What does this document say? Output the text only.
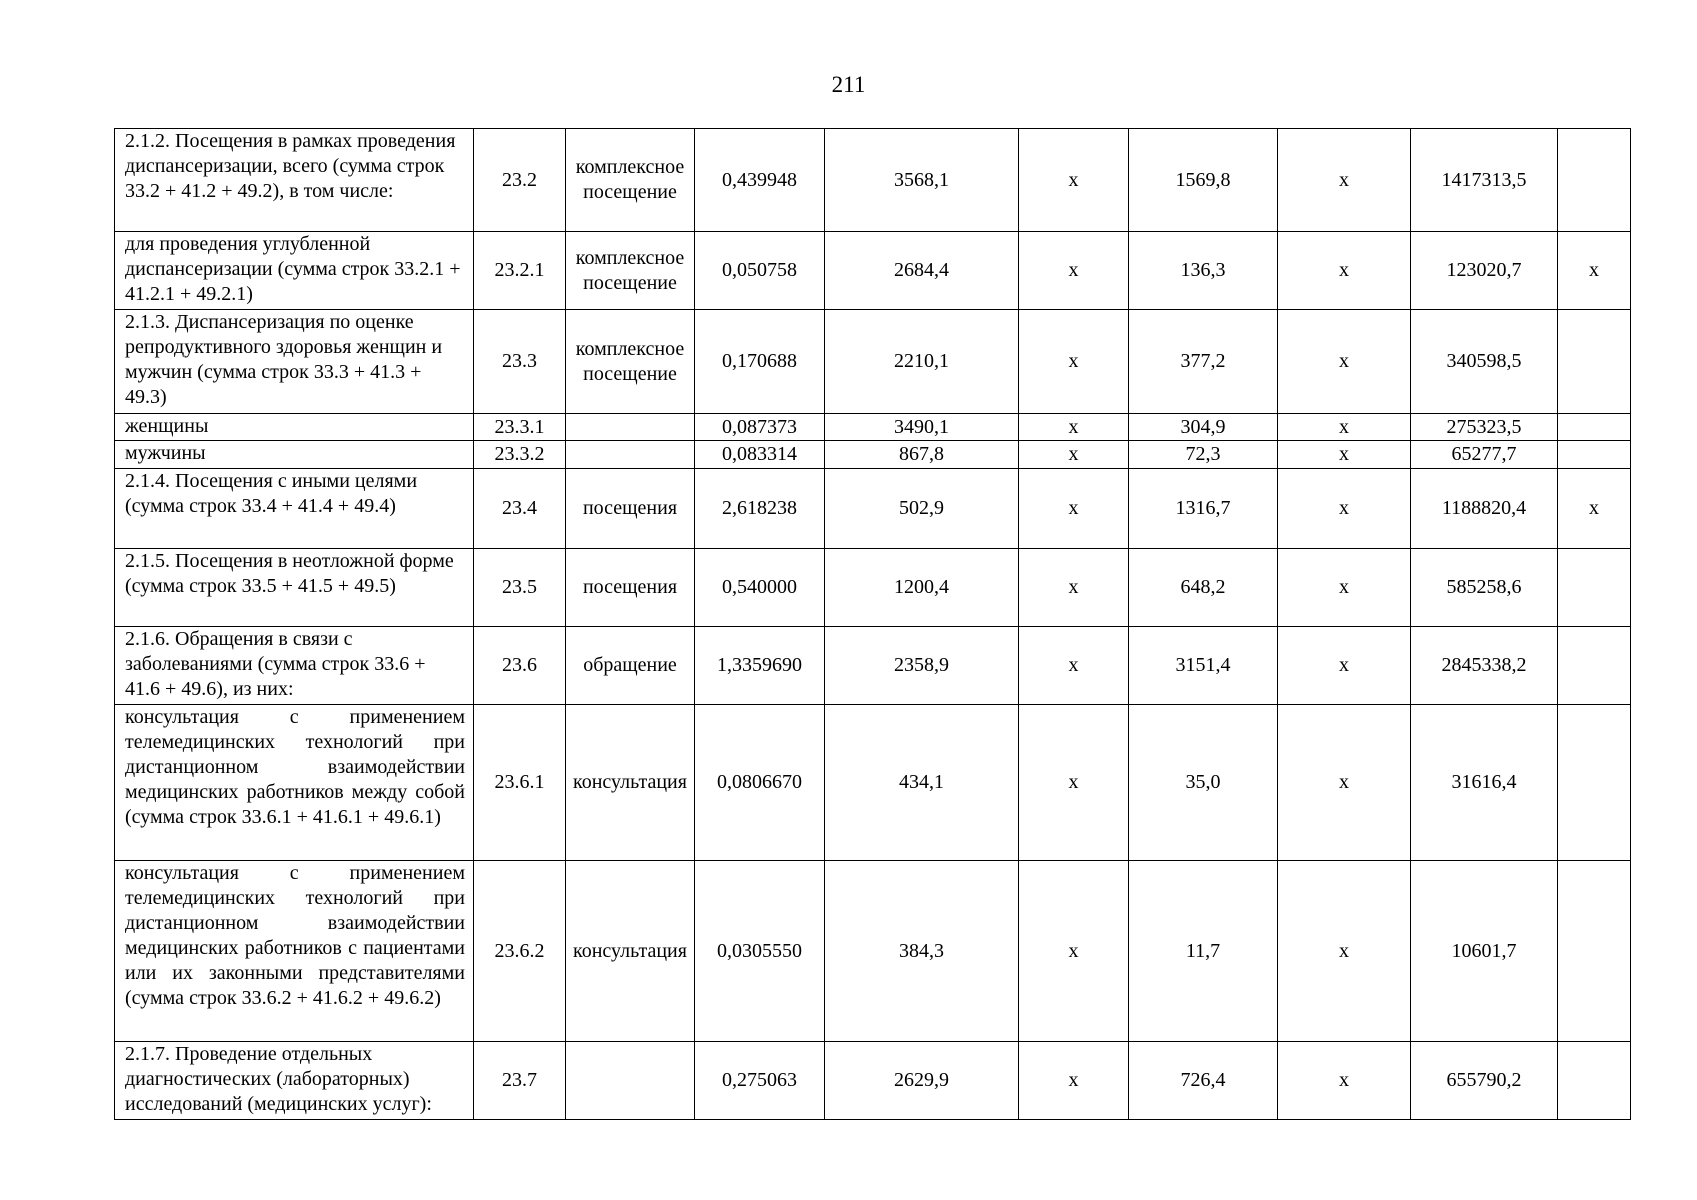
211
2.1.2. Посещения в рамках проведения диспансеризации, всего (сумма строк 33.2 + 41.2 + 49.2), в том числе:	23.2	комплексное посещение	0,439948	3568,1	х	1569,8	х	1417313,5	
для проведения углубленной диспансеризации (сумма строк 33.2.1 + 41.2.1 + 49.2.1)	23.2.1	комплексное посещение	0,050758	2684,4	х	136,3	х	123020,7	х
2.1.3. Диспансеризация по оценке репродуктивного здоровья женщин и мужчин (сумма строк 33.3 + 41.3 + 49.3)	23.3	комплексное посещение	0,170688	2210,1	х	377,2	х	340598,5	
женщины	23.3.1		0,087373	3490,1	х	304,9	х	275323,5	
мужчины	23.3.2		0,083314	867,8	х	72,3	х	65277,7	
2.1.4. Посещения с иными целями (сумма строк 33.4 + 41.4 + 49.4)	23.4	посещения	2,618238	502,9	х	1316,7	х	1188820,4	х
2.1.5. Посещения в неотложной форме (сумма строк 33.5 + 41.5 + 49.5)	23.5	посещения	0,540000	1200,4	х	648,2	х	585258,6	
2.1.6. Обращения в связи с заболеваниями (сумма строк 33.6 + 41.6 + 49.6), из них:	23.6	обращение	1,3359690	2358,9	х	3151,4	х	2845338,2	
консультация с применением телемедицинских технологий при дистанционном взаимодействии медицинских работников между собой (сумма строк 33.6.1 + 41.6.1 + 49.6.1)	23.6.1	консультация	0,0806670	434,1	х	35,0	х	31616,4	
консультация с применением телемедицинских технологий при дистанционном взаимодействии медицинских работников с пациентами или их законными представителями (сумма строк 33.6.2 + 41.6.2 + 49.6.2)	23.6.2	консультация	0,0305550	384,3	х	11,7	х	10601,7	
2.1.7. Проведение отдельных диагностических (лабораторных) исследований (медицинских услуг):	23.7		0,275063	2629,9	х	726,4	х	655790,2	
